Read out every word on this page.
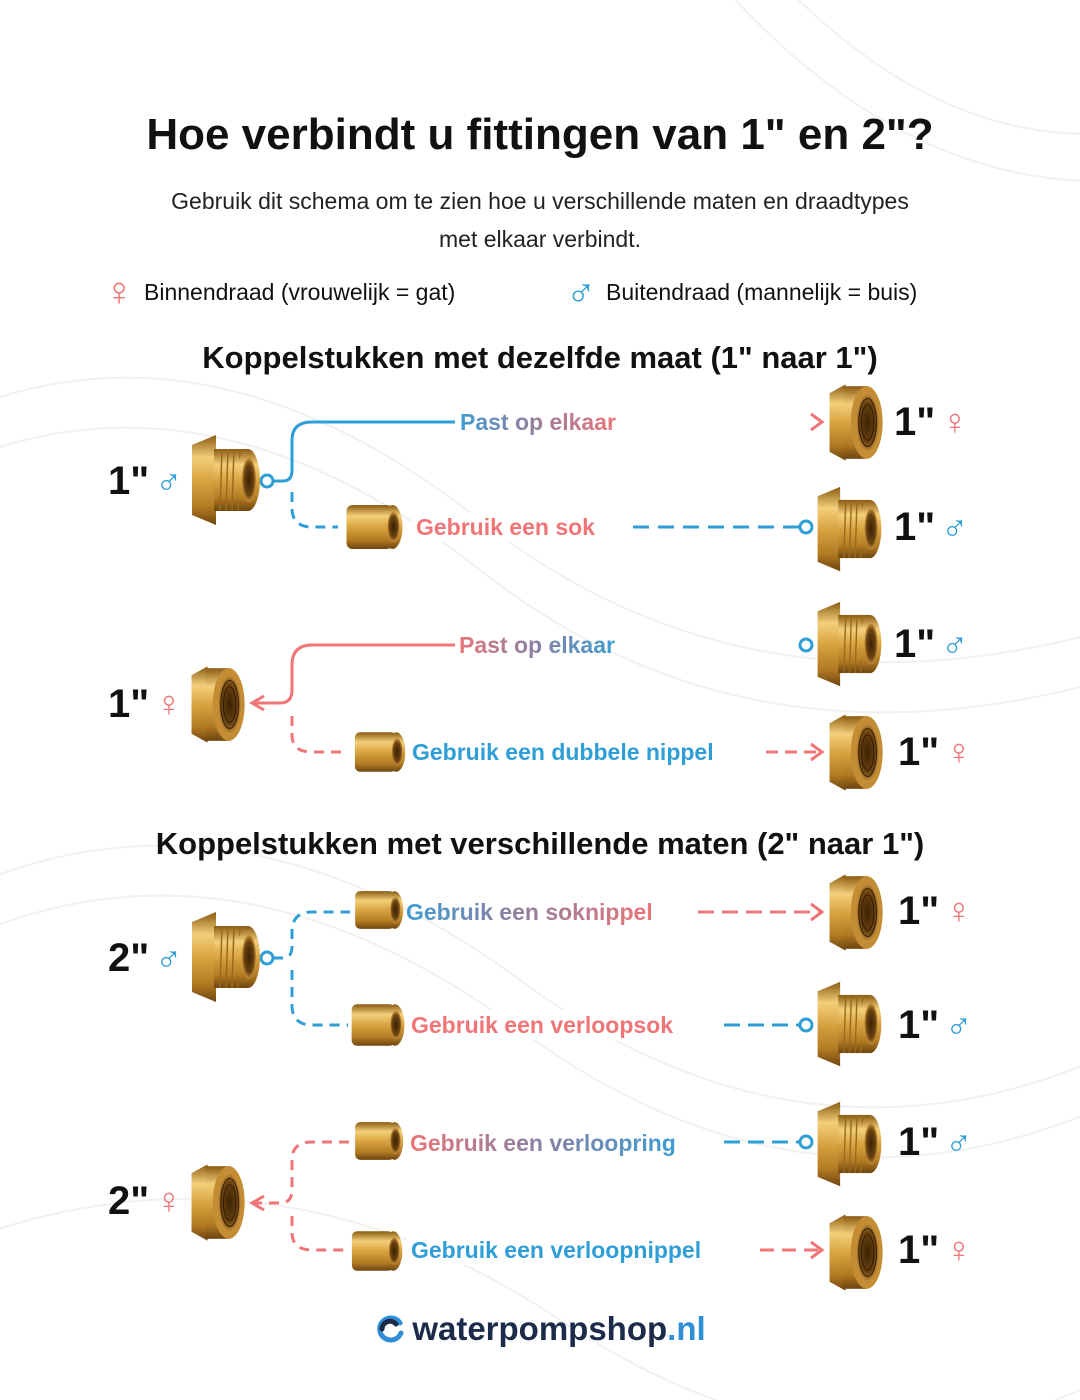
Hoe verbindt u fittingen van 1" en 2"?
Gebruik dit schema om te zien hoe u verschillende maten en draadtypes
met elkaar verbindt.
♀ Binnendraad (vrouwelijk = gat)	♂ Buitendraad (mannelijk = buis)
Koppelstukken met dezelfde maat (1" naar 1")
Koppelstukken met verschillende maten (2" naar 1")
1" ♂
Past op elkaar
Gebruik een sok
1" ♀
1" ♂
1" ♀
Past op elkaar
Gebruik een dubbele nippel
1" ♂
1" ♀
2" ♂
Gebruik een soknippel
Gebruik een verloopsok
1" ♀
1" ♂
2" ♀
Gebruik een verloopring
Gebruik een verloopnippel
1" ♂
1" ♀
waterpompshop .nl
